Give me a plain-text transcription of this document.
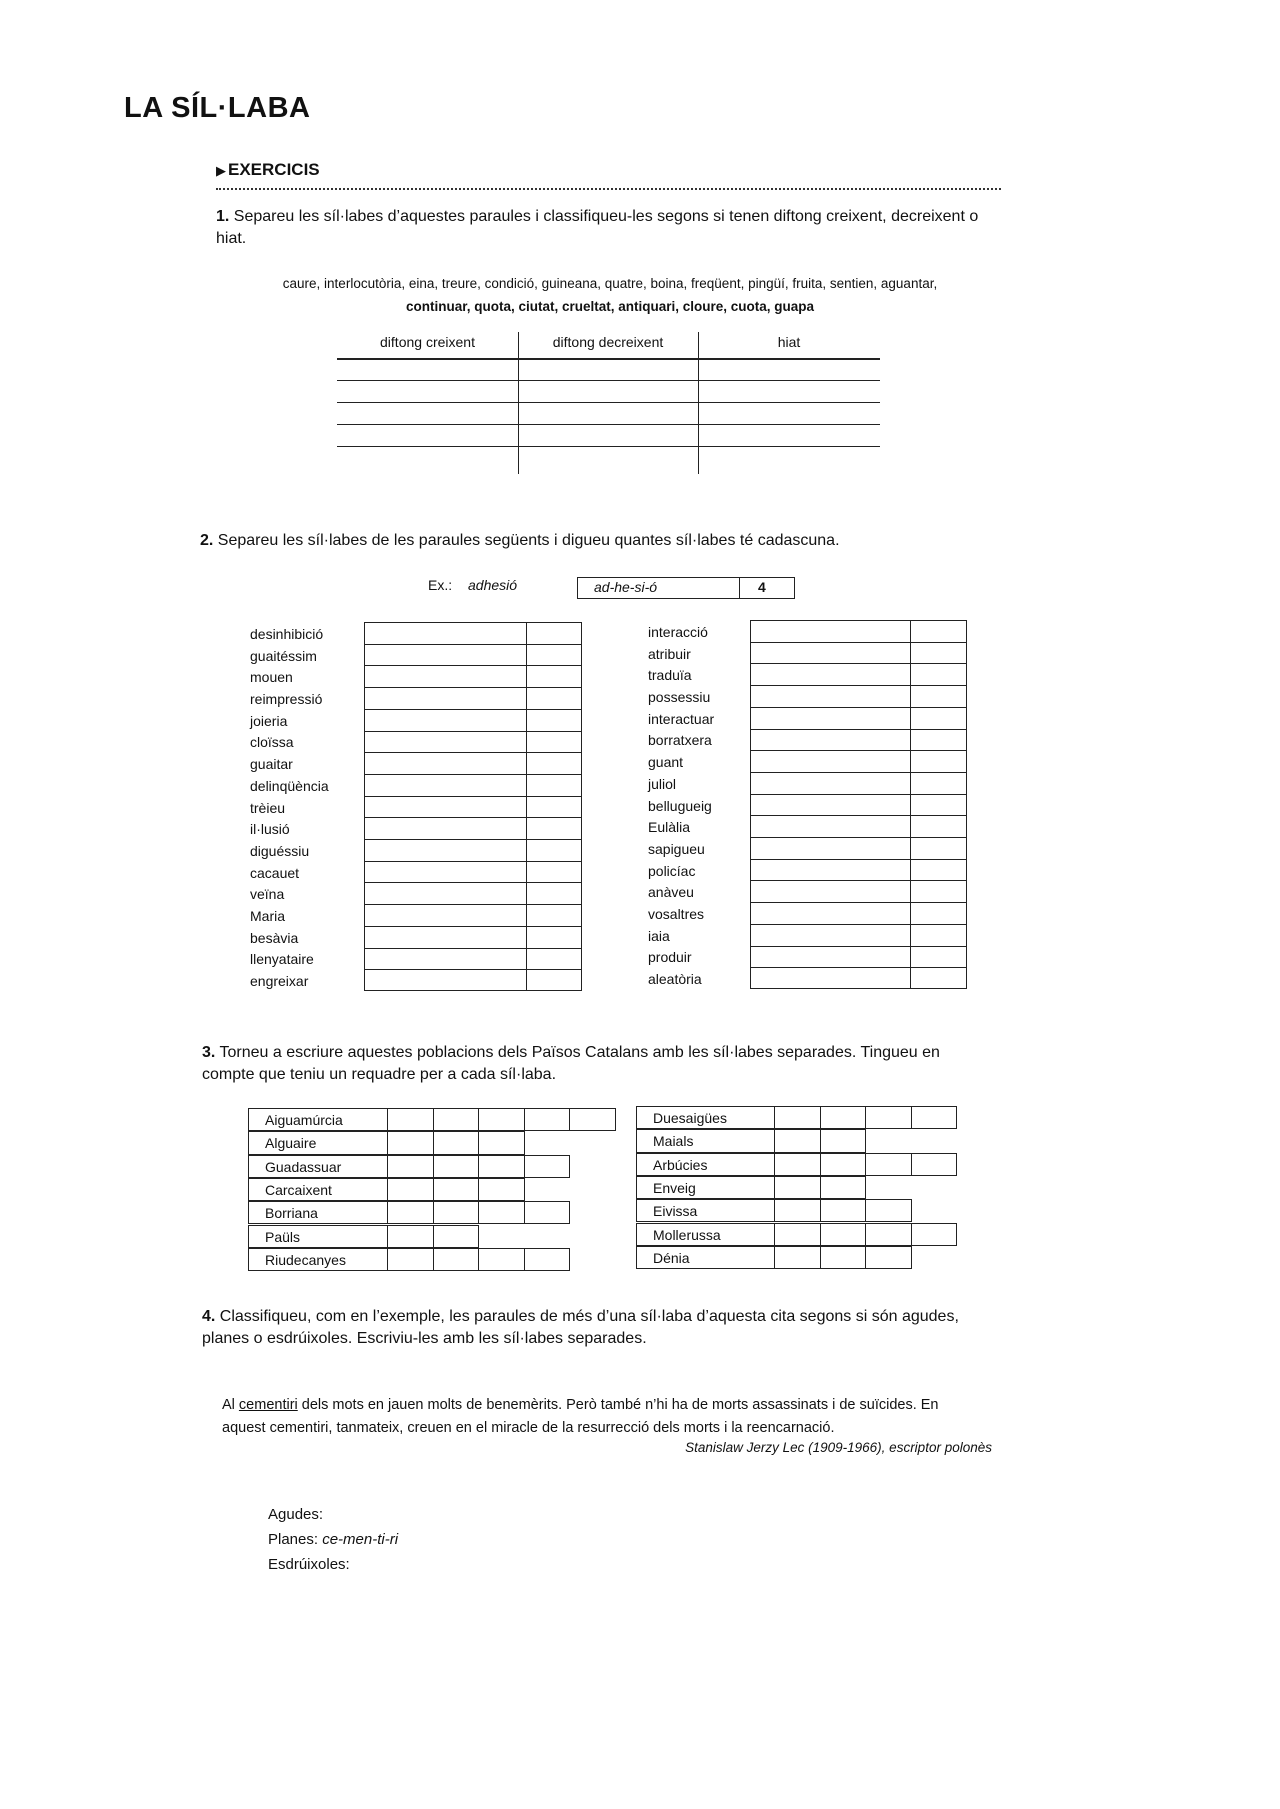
LA SÍL·LABA
▶ EXERCICIS
1. Separeu les síl·labes d’aquestes paraules i classifiqueu-les segons si tenen diftong creixent, decreixent o
hiat.
caure, interlocutòria, eina, treure, condició, guineana, quatre, boina, freqüent, pingüí, fruita, sentien, aguantar,
continuar, quota, ciutat, crueltat, antiquari, cloure, cuota, guapa
diftong creixent	diftong decreixent	hiat
2. Separeu les síl·labes de les paraules següents i digueu quantes síl·labes té cadascuna.
Ex.: adhesió	ad-he-si-ó	4
desinhibició
guaitéssim
mouen
reimpressió
joieria
cloïssa
guaitar
delinqüència
trèieu
il·lusió
diguéssiu
cacauet
veïna
Maria
besàvia
llenyataire
engreixar
interacció
atribuir
traduïa
possessiu
interactuar
borratxera
guant
juliol
bellugueig
Eulàlia
sapigueu
policíac
anàveu
vosaltres
iaia
produir
aleatòria
3. Torneu a escriure aquestes poblacions dels Països Catalans amb les síl·labes separades. Tingueu en
compte que teniu un requadre per a cada síl·laba.
Aiguamúrcia
Alguaire
Guadassuar
Carcaixent
Borriana
Paüls
Riudecanyes
Duesaigües
Maials
Arbúcies
Enveig
Eivissa
Mollerussa
Dénia
4. Classifiqueu, com en l’exemple, les paraules de més d’una síl·laba d’aquesta cita segons si són agudes,
planes o esdrúixoles. Escriviu-les amb les síl·labes separades.
Al cementiri dels mots en jauen molts de benemèrits. Però també n’hi ha de morts assassinats i de suïcides. En
aquest cementiri, tanmateix, creuen en el miracle de la resurrecció dels morts i la reencarnació.
Stanislaw Jerzy Lec (1909-1966), escriptor polonès
Agudes:
Planes: ce-men-ti-ri
Esdrúixoles:
